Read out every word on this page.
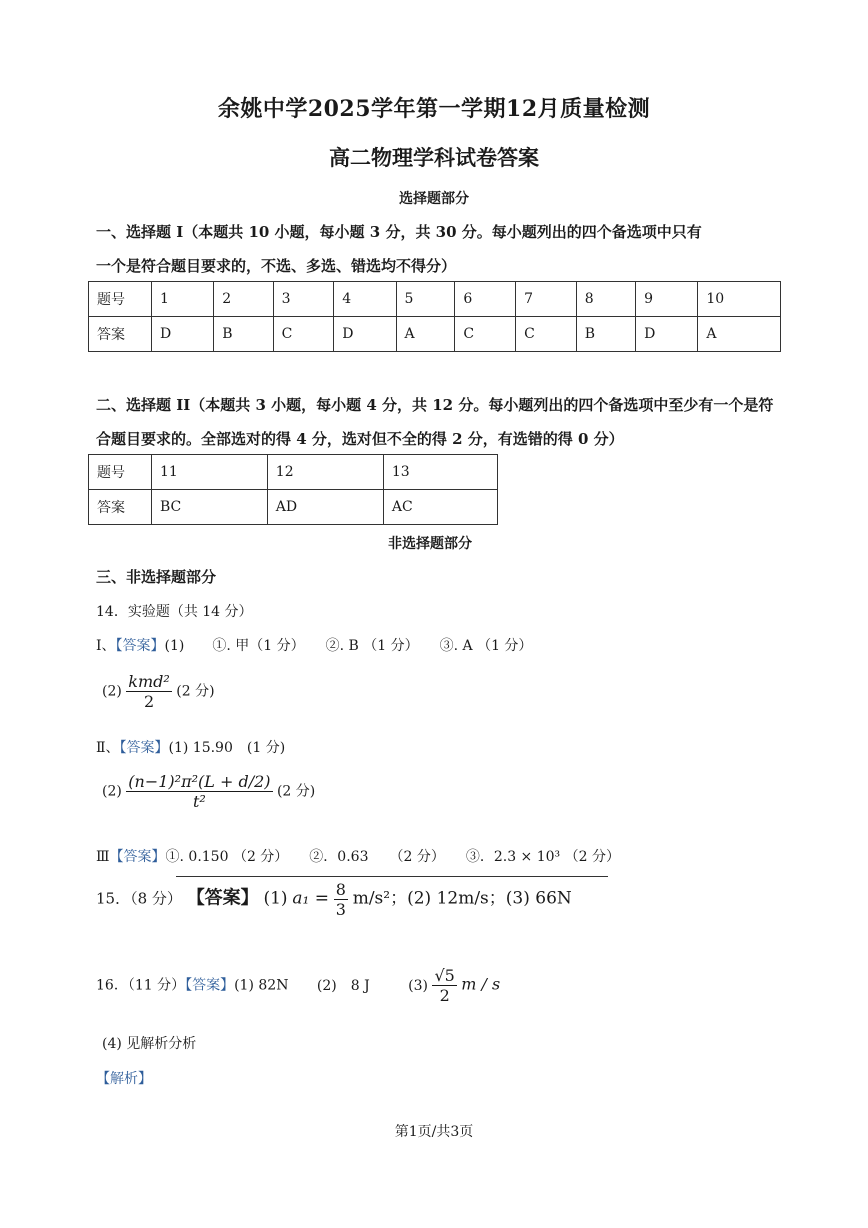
余姚中学2025学年第一学期12月质量检测
高二物理学科试卷答案
选择题部分
一、选择题 I（本题共 10 小题，每小题 3 分，共 30 分。每小题列出的四个备选项中只有
一个是符合题目要求的，不选、多选、错选均不得分）
题号	1	2	3	4	5	6	7	8	9	10
答案	D	B	C	D	A	C	C	B	D	A
二、选择题 II（本题共 3 小题，每小题 4 分，共 12 分。每小题列出的四个备选项中至少有一个是符
合题目要求的。全部选对的得 4 分，选对但不全的得 2 分，有选错的得 0 分）
题号	11	12	13
答案	BC	AD	AC
非选择题部分
三、非选择题部分
14．实验题（共 14 分）
Ⅰ、【答案】(1)　　①. 甲（1 分）　　②. B （1 分）　　③. A （1 分）
$(2) \frac{\text{kmd²}}{2} (2$ 分)
Ⅱ、【答案】(1) 15.90　(1 分)
$(2) \frac{\text{(n−1)²π²(L + d/2)}}{\text{t²}} (2$ 分)
Ⅲ【答案】①. 0.150 （2 分）　　②．0.63　　（2 分）　　③．2.3 × 10³ （2 分）
15．（8 分） 【答案】 (1) $a_1 = \frac{8}{3} m/s^2$；(2) 12m/s；(3) 66N
16．（11 分）【答案】(1) 82N (2)　8 J	$(3) \frac{√5}{2}$ m / s
(4) 见解析分析
【解析】
第1页/共3页
